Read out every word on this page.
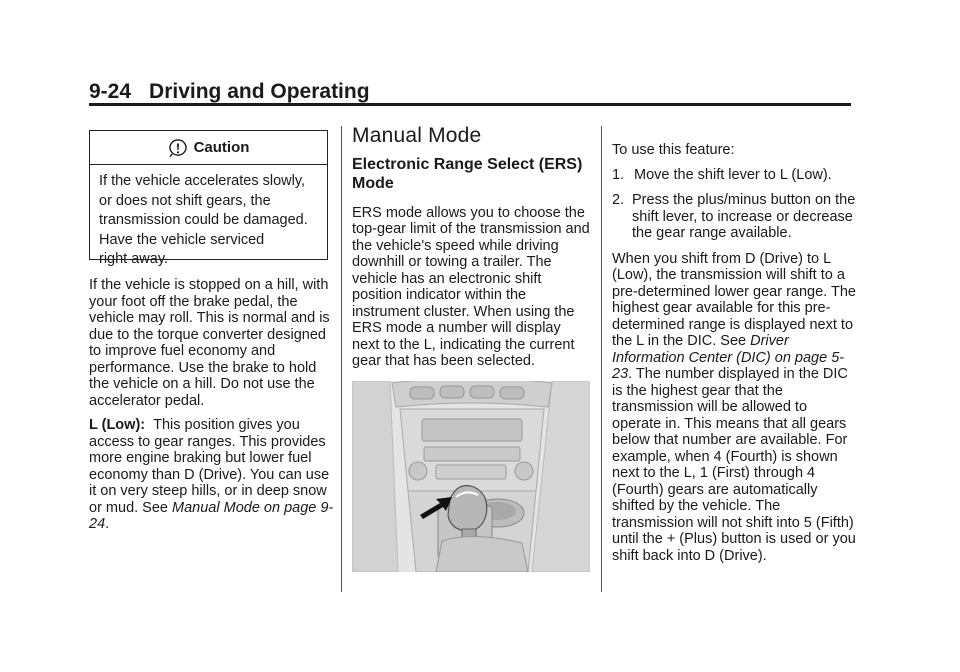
9-24 Driving and Operating
Caution
If the vehicle accelerates slowly,
or does not shift gears, the
transmission could be damaged.
Have the vehicle serviced
right away.

If the vehicle is stopped on a hill, with your foot off the brake pedal, the vehicle may roll. This is normal and is due to the torque converter designed to improve fuel economy and performance. Use the brake to hold the vehicle on a hill. Do not use the accelerator pedal.

L (Low): This position gives you access to gear ranges. This provides more engine braking but lower fuel economy than D (Drive). You can use it on very steep hills, or in deep snow or mud. See Manual Mode on page 9-24.

Manual Mode
Electronic Range Select (ERS) Mode

ERS mode allows you to choose the top-gear limit of the transmission and the vehicle's speed while driving downhill or towing a trailer. The vehicle has an electronic shift position indicator within the instrument cluster. When using the ERS mode a number will display next to the L, indicating the current gear that has been selected.

To use this feature:

1. Move the shift lever to L (Low).
2. Press the plus/minus button on the shift lever, to increase or decrease the gear range available.

When you shift from D (Drive) to L (Low), the transmission will shift to a pre-determined lower gear range. The highest gear available for this pre-determined range is displayed next to the L in the DIC. See Driver Information Center (DIC) on page 5-23. The number displayed in the DIC is the highest gear that the transmission will be allowed to operate in. This means that all gears below that number are available. For example, when 4 (Fourth) is shown next to the L, 1 (First) through 4 (Fourth) gears are automatically shifted by the vehicle. The transmission will not shift into 5 (Fifth) until the + (Plus) button is used or you shift back into D (Drive).
